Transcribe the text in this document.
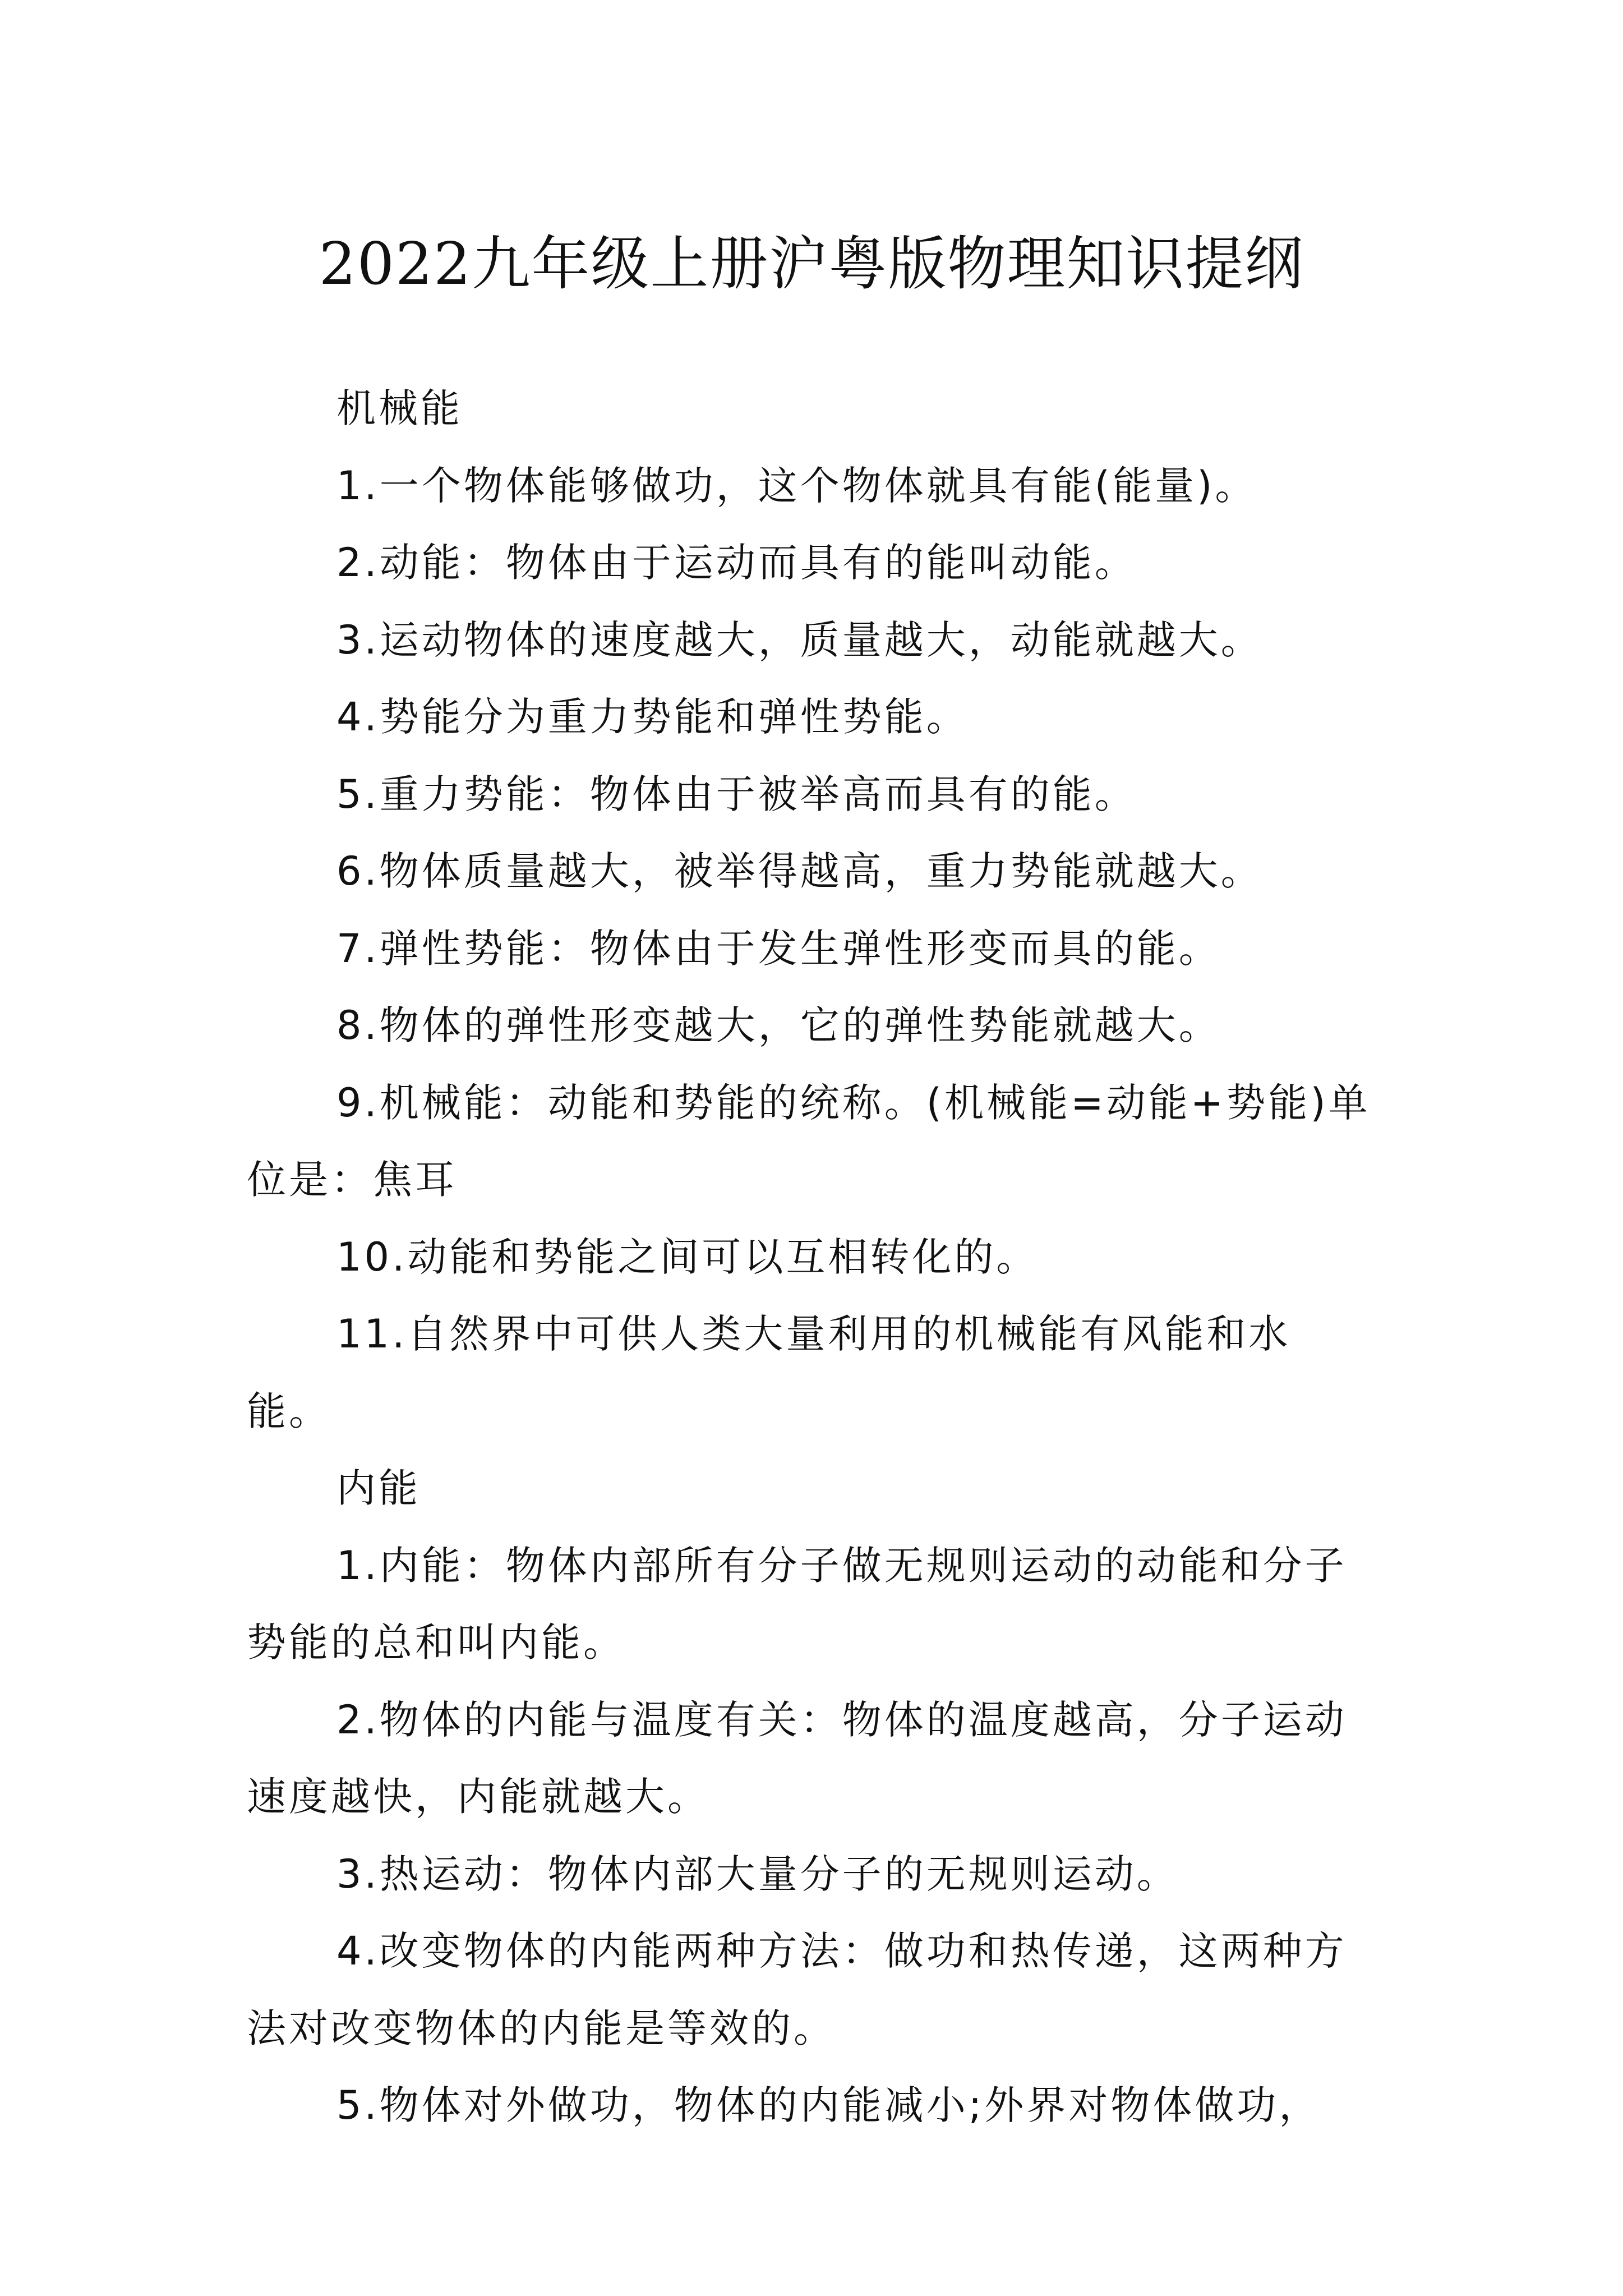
2022九年级上册沪粤版物理知识提纲

机械能

1.一个物体能够做功，这个物体就具有能(能量)。

2.动能：物体由于运动而具有的能叫动能。

3.运动物体的速度越大，质量越大，动能就越大。

4.势能分为重力势能和弹性势能。

5.重力势能：物体由于被举高而具有的能。

6.物体质量越大，被举得越高，重力势能就越大。

7.弹性势能：物体由于发生弹性形变而具的能。

8.物体的弹性形变越大，它的弹性势能就越大。

9.机械能：动能和势能的统称。(机械能=动能+势能)单位是：焦耳

10.动能和势能之间可以互相转化的。

11.自然界中可供人类大量利用的机械能有风能和水能。

内能

1.内能：物体内部所有分子做无规则运动的动能和分子势能的总和叫内能。

2.物体的内能与温度有关：物体的温度越高，分子运动速度越快，内能就越大。

3.热运动：物体内部大量分子的无规则运动。

4.改变物体的内能两种方法：做功和热传递，这两种方法对改变物体的内能是等效的。

5.物体对外做功，物体的内能减小;外界对物体做功，
